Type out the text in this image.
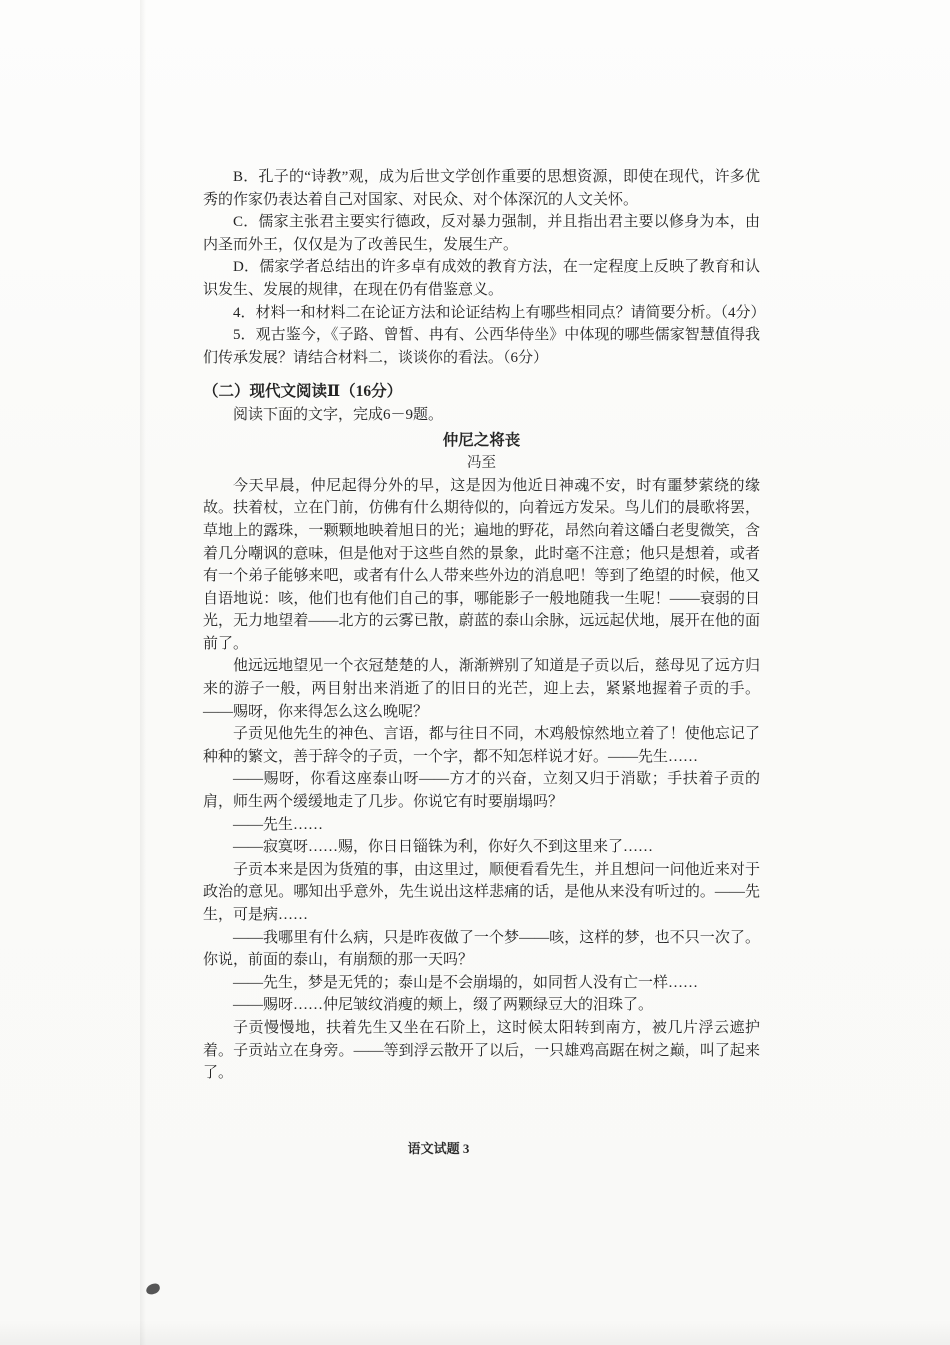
B．孔子的“诗教”观，成为后世文学创作重要的思想资源，即使在现代，许多优秀的作家仍表达着自己对国家、对民众、对个体深沉的人文关怀。

C．儒家主张君主要实行德政，反对暴力强制，并且指出君主要以修身为本，由内圣而外王，仅仅是为了改善民生，发展生产。

D．儒家学者总结出的许多卓有成效的教育方法，在一定程度上反映了教育和认识发生、发展的规律，在现在仍有借鉴意义。

4．材料一和材料二在论证方法和论证结构上有哪些相同点？请简要分析。（4分）

5．观古鉴今，《子路、曾皙、冉有、公西华侍坐》中体现的哪些儒家智慧值得我们传承发展？请结合材料二，谈谈你的看法。（6分）

（二）现代文阅读Ⅱ（16分）

阅读下面的文字，完成6－9题。

仲尼之将丧

冯至

今天早晨，仲尼起得分外的早，这是因为他近日神魂不安，时有噩梦萦绕的缘故。扶着杖，立在门前，仿佛有什么期待似的，向着远方发呆。鸟儿们的晨歌将罢，草地上的露珠，一颗颗地映着旭日的光；遍地的野花，昂然向着这皤白老叟微笑，含着几分嘲讽的意味，但是他对于这些自然的景象，此时毫不注意；他只是想着，或者有一个弟子能够来吧，或者有什么人带来些外边的消息吧！等到了绝望的时候，他又自语地说：咳，他们也有他们自己的事，哪能影子一般地随我一生呢！——衰弱的日光，无力地望着——北方的云雾已散，蔚蓝的泰山余脉，远远起伏地，展开在他的面前了。

他远远地望见一个衣冠楚楚的人，渐渐辨别了知道是子贡以后，慈母见了远方归来的游子一般，两目射出来消逝了的旧日的光芒，迎上去，紧紧地握着子贡的手。——赐呀，你来得怎么这么晚呢？

子贡见他先生的神色、言语，都与往日不同，木鸡般惊然地立着了！使他忘记了种种的繁文，善于辞令的子贡，一个字，都不知怎样说才好。——先生……

——赐呀，你看这座泰山呀——方才的兴奋，立刻又归于消歇；手扶着子贡的肩，师生两个缓缓地走了几步。你说它有时要崩塌吗？

——先生……

——寂寞呀……赐，你日日锱铢为利，你好久不到这里来了……

子贡本来是因为货殖的事，由这里过，顺便看看先生，并且想问一问他近来对于政治的意见。哪知出乎意外，先生说出这样悲痛的话，是他从来没有听过的。——先生，可是病……

——我哪里有什么病，只是昨夜做了一个梦——咳，这样的梦，也不只一次了。你说，前面的泰山，有崩颓的那一天吗？

——先生，梦是无凭的；泰山是不会崩塌的，如同哲人没有亡一样……

——赐呀……仲尼皱纹消瘦的颊上，缀了两颗绿豆大的泪珠了。

子贡慢慢地，扶着先生又坐在石阶上，这时候太阳转到南方，被几片浮云遮护着。子贡站立在身旁。——等到浮云散开了以后，一只雄鸡高踞在树之巅，叫了起来了。

语文试题 3
